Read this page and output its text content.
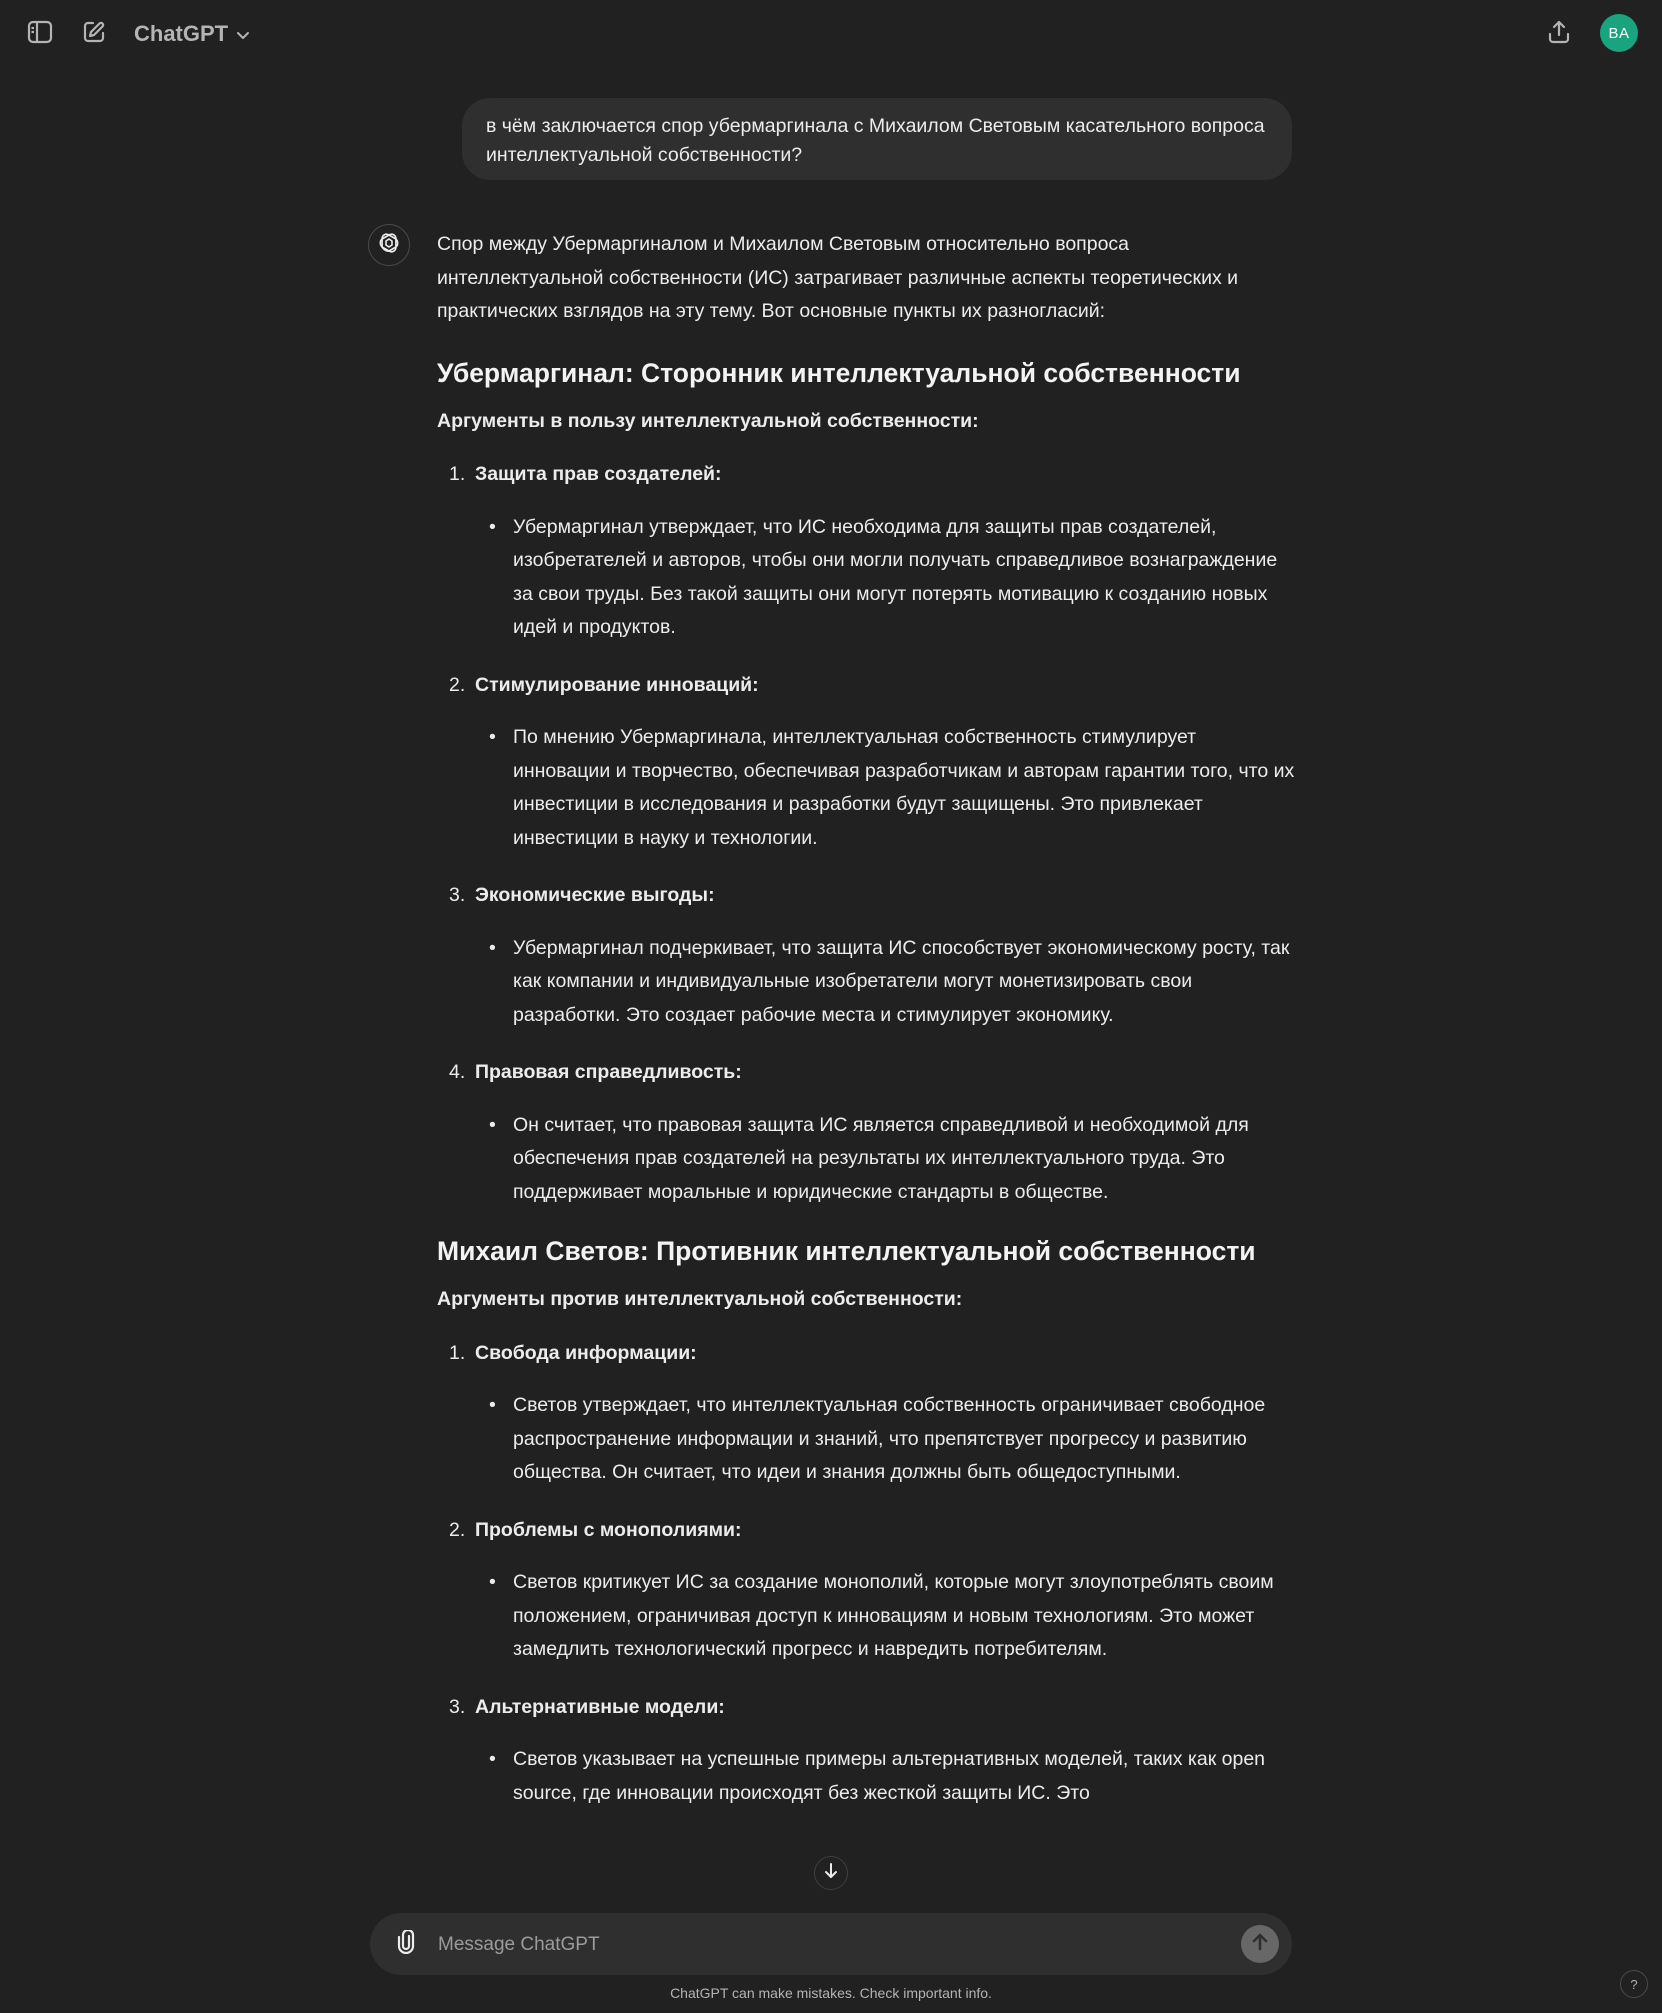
ChatGPT	BA
в чём заключается спор убермаргинала с Михаилом Световым касательного вопроса интеллектуальной собственности?

Спор между Убермаргиналом и Михаилом Световым относительно вопроса интеллектуальной собственности (ИС) затрагивает различные аспекты теоретических и практических взглядов на эту тему. Вот основные пункты их разногласий:

Убермаргинал: Сторонник интеллектуальной собственности

Аргументы в пользу интеллектуальной собственности:

1. Защита прав создателей:
• Убермаргинал утверждает, что ИС необходима для защиты прав создателей, изобретателей и авторов, чтобы они могли получать справедливое вознаграждение за свои труды. Без такой защиты они могут потерять мотивацию к созданию новых идей и продуктов.
2. Стимулирование инноваций:
• По мнению Убермаргинала, интеллектуальная собственность стимулирует инновации и творчество, обеспечивая разработчикам и авторам гарантии того, что их инвестиции в исследования и разработки будут защищены. Это привлекает инвестиции в науку и технологии.
3. Экономические выгоды:
• Убермаргинал подчеркивает, что защита ИС способствует экономическому росту, так как компании и индивидуальные изобретатели могут монетизировать свои разработки. Это создает рабочие места и стимулирует экономику.
4. Правовая справедливость:
• Он считает, что правовая защита ИС является справедливой и необходимой для обеспечения прав создателей на результаты их интеллектуального труда. Это поддерживает моральные и юридические стандарты в обществе.
Михаил Светов: Противник интеллектуальной собственности

Аргументы против интеллектуальной собственности:

1. Свобода информации:
• Светов утверждает, что интеллектуальная собственность ограничивает свободное распространение информации и знаний, что препятствует прогрессу и развитию общества. Он считает, что идеи и знания должны быть общедоступными.
2. Проблемы с монополиями:
• Светов критикует ИС за создание монополий, которые могут злоупотреблять своим положением, ограничивая доступ к инновациям и новым технологиям. Это может замедлить технологический прогресс и навредить потребителям.
3. Альтернативные модели:
• Светов указывает на успешные примеры альтернативных моделей, таких как open source, где инновации происходят без жесткой защиты ИС. Это
Message ChatGPT
ChatGPT can make mistakes. Check important info.
?
